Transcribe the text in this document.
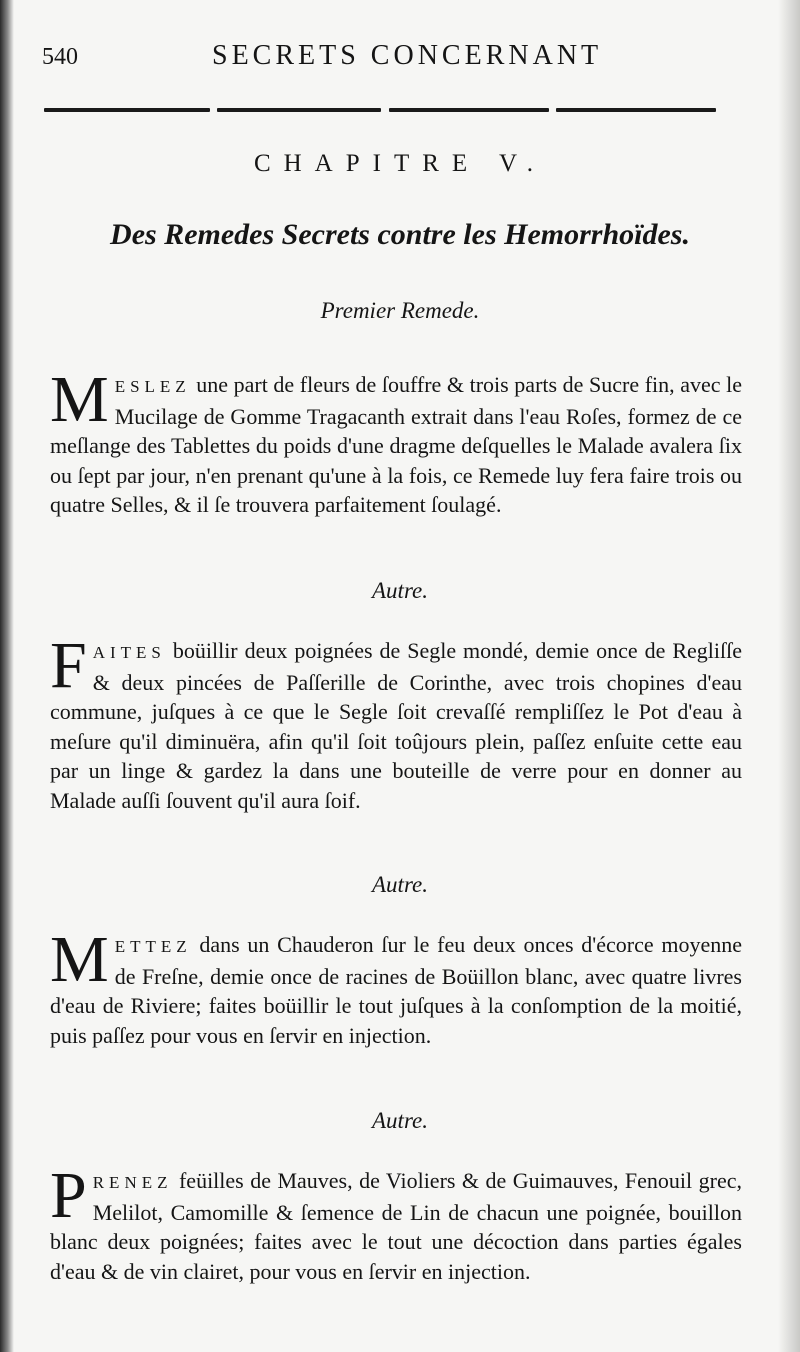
540	SECRETS CONCERNANT
CHAPITRE V.
Des Remedes Secrets contre les Hemorrhoïdes.
Premier Remede.
MESLEZ une part de fleurs de ſouffre & trois parts de Sucre fin, avec le Mucilage de Gomme Tragacanth extrait dans l'eau Roſes, formez de ce meſlange des Tablettes du poids d'une dragme deſquelles le Malade avalera ſix ou ſept par jour, n'en prenant qu'une à la fois, ce Remede luy fera faire trois ou quatre Selles, & il ſe trouvera parfaitement ſoulagé.
Autre.
FAITES boüillir deux poignées de Segle mondé, demie once de Regliſſe & deux pincées de Paſſerille de Corinthe, avec trois chopines d'eau commune, juſques à ce que le Segle ſoit crevaſſé rempliſſez le Pot d'eau à meſure qu'il diminuëra, afin qu'il ſoit toûjours plein, paſſez enſuite cette eau par un linge & gardez la dans une bouteille de verre pour en donner au Malade auſſi ſouvent qu'il aura ſoif.
Autre.
METTEZ dans un Chauderon ſur le feu deux onces d'écorce moyenne de Freſne, demie once de racines de Boüillon blanc, avec quatre livres d'eau de Riviere; faites boüillir le tout juſques à la conſomption de la moitié, puis paſſez pour vous en ſervir en injection.
Autre.
PRENEZ feüilles de Mauves, de Violiers & de Guimauves, Fenouil grec, Melilot, Camomille & ſemence de Lin de chacun une poignée, bouillon blanc deux poignées; faites avec le tout une décoction dans parties égales d'eau & de vin clairet, pour vous en ſervir en injection.
